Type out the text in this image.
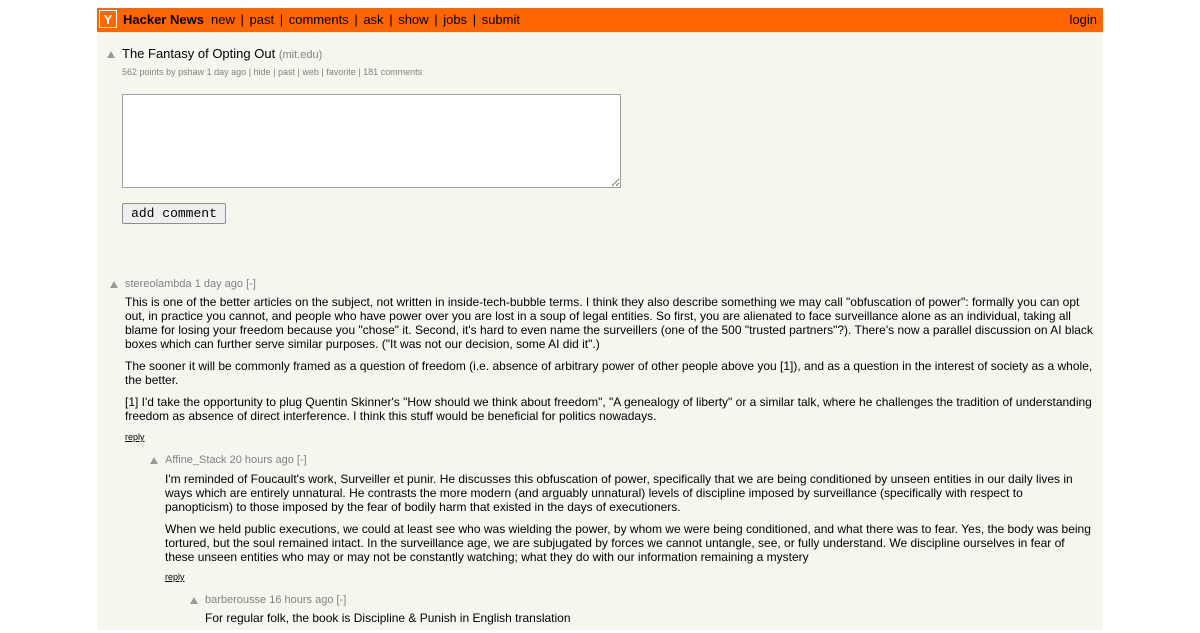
Y Hacker News new | past | comments | ask | show | jobs | submit	login
The Fantasy of Opting Out (mit.edu)
562 points by pshaw 1 day ago | hide | past | web | favorite | 181 comments
add comment
stereolambda 1 day ago [-]

This is one of the better articles on the subject, not written in inside-tech-bubble terms. I think they also describe something we may call "obfuscation of power": formally you can opt out, in practice you cannot, and people who have power over you are lost in a soup of legal entities. So first, you are alienated to face surveillance alone as an individual, taking all blame for losing your freedom because you "chose" it. Second, it's hard to even name the surveillers (one of the 500 "trusted partners"?). There's now a parallel discussion on AI black boxes which can further serve similar purposes. ("It was not our decision, some AI did it".)

The sooner it will be commonly framed as a question of freedom (i.e. absence of arbitrary power of other people above you [1]), and as a question in the interest of society as a whole, the better.

[1] I'd take the opportunity to plug Quentin Skinner's "How should we think about freedom", "A genealogy of liberty" or a similar talk, where he challenges the tradition of understanding freedom as absence of direct interference. I think this stuff would be beneficial for politics nowadays.

reply
Affine_Stack 20 hours ago [-]

I'm reminded of Foucault's work, Surveiller et punir. He discusses this obfuscation of power, specifically that we are being conditioned by unseen entities in our daily lives in ways which are entirely unnatural. He contrasts the more modern (and arguably unnatural) levels of discipline imposed by surveillance (specifically with respect to panopticism) to those imposed by the fear of bodily harm that existed in the days of executioners.

When we held public executions, we could at least see who was wielding the power, by whom we were being conditioned, and what there was to fear. Yes, the body was being tortured, but the soul remained intact. In the surveillance age, we are subjugated by forces we cannot untangle, see, or fully understand. We discipline ourselves in fear of these unseen entities who may or may not be constantly watching; what they do with our information remaining a mystery

reply
barberousse 16 hours ago [-]

For regular folk, the book is Discipline & Punish in English translation
